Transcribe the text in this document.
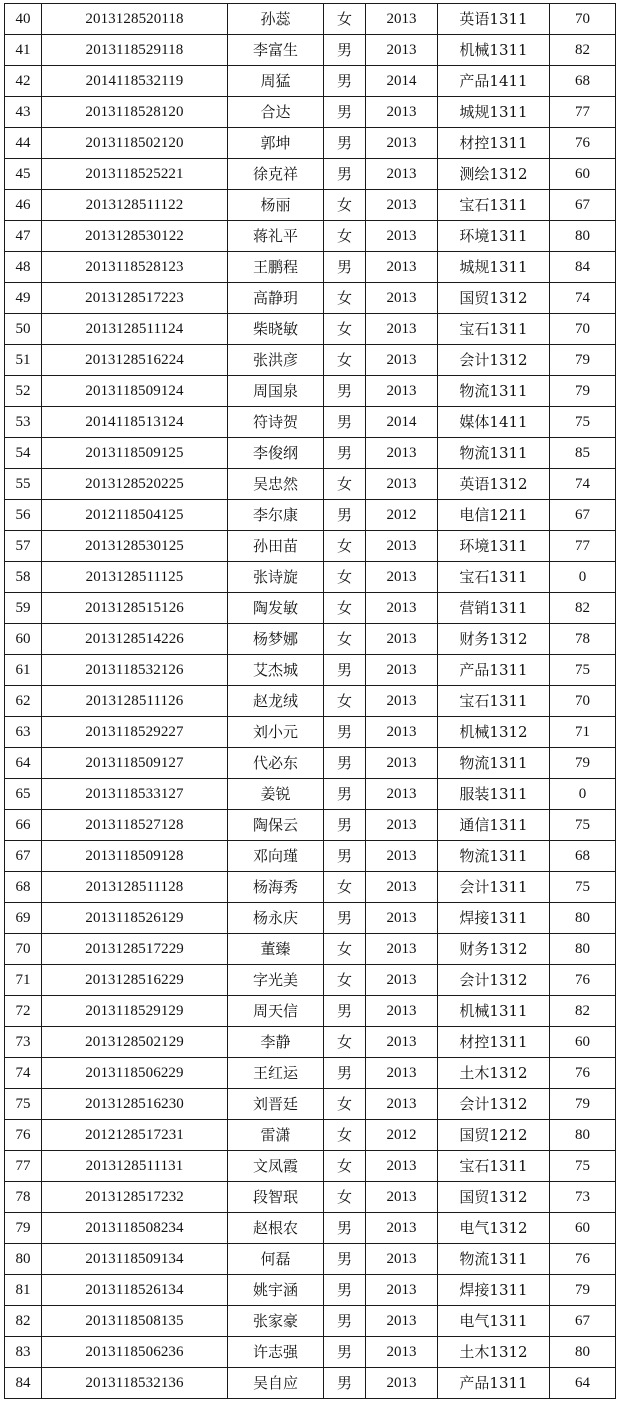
40	2013128520118	孙蕊	女	2013	英语1311	70
41	2013118529118	李富生	男	2013	机械1311	82
42	2014118532119	周猛	男	2014	产品1411	68
43	2013118528120	合达	男	2013	城规1311	77
44	2013118502120	郭坤	男	2013	材控1311	76
45	2013118525221	徐克祥	男	2013	测绘1312	60
46	2013128511122	杨丽	女	2013	宝石1311	67
47	2013128530122	蒋礼平	女	2013	环境1311	80
48	2013118528123	王鹏程	男	2013	城规1311	84
49	2013128517223	高静玥	女	2013	国贸1312	74
50	2013128511124	柴晓敏	女	2013	宝石1311	70
51	2013128516224	张洪彦	女	2013	会计1312	79
52	2013118509124	周国泉	男	2013	物流1311	79
53	2014118513124	符诗贺	男	2014	媒体1411	75
54	2013118509125	李俊纲	男	2013	物流1311	85
55	2013128520225	吴忠然	女	2013	英语1312	74
56	2012118504125	李尔康	男	2012	电信1211	67
57	2013128530125	孙田苗	女	2013	环境1311	77
58	2013128511125	张诗旋	女	2013	宝石1311	0
59	2013128515126	陶发敏	女	2013	营销1311	82
60	2013128514226	杨梦娜	女	2013	财务1312	78
61	2013118532126	艾杰城	男	2013	产品1311	75
62	2013128511126	赵龙绒	女	2013	宝石1311	70
63	2013118529227	刘小元	男	2013	机械1312	71
64	2013118509127	代必东	男	2013	物流1311	79
65	2013118533127	姜锐	男	2013	服装1311	0
66	2013118527128	陶保云	男	2013	通信1311	75
67	2013118509128	邓向瑾	男	2013	物流1311	68
68	2013128511128	杨海秀	女	2013	会计1311	75
69	2013118526129	杨永庆	男	2013	焊接1311	80
70	2013128517229	董臻	女	2013	财务1312	80
71	2013128516229	字光美	女	2013	会计1312	76
72	2013118529129	周天信	男	2013	机械1311	82
73	2013128502129	李静	女	2013	材控1311	60
74	2013118506229	王红运	男	2013	土木1312	76
75	2013128516230	刘晋廷	女	2013	会计1312	79
76	2012128517231	雷潇	女	2012	国贸1212	80
77	2013128511131	文凤霞	女	2013	宝石1311	75
78	2013128517232	段智珉	女	2013	国贸1312	73
79	2013118508234	赵根农	男	2013	电气1312	60
80	2013118509134	何磊	男	2013	物流1311	76
81	2013118526134	姚宇涵	男	2013	焊接1311	79
82	2013118508135	张家豪	男	2013	电气1311	67
83	2013118506236	许志强	男	2013	土木1312	80
84	2013118532136	吴自应	男	2013	产品1311	64
